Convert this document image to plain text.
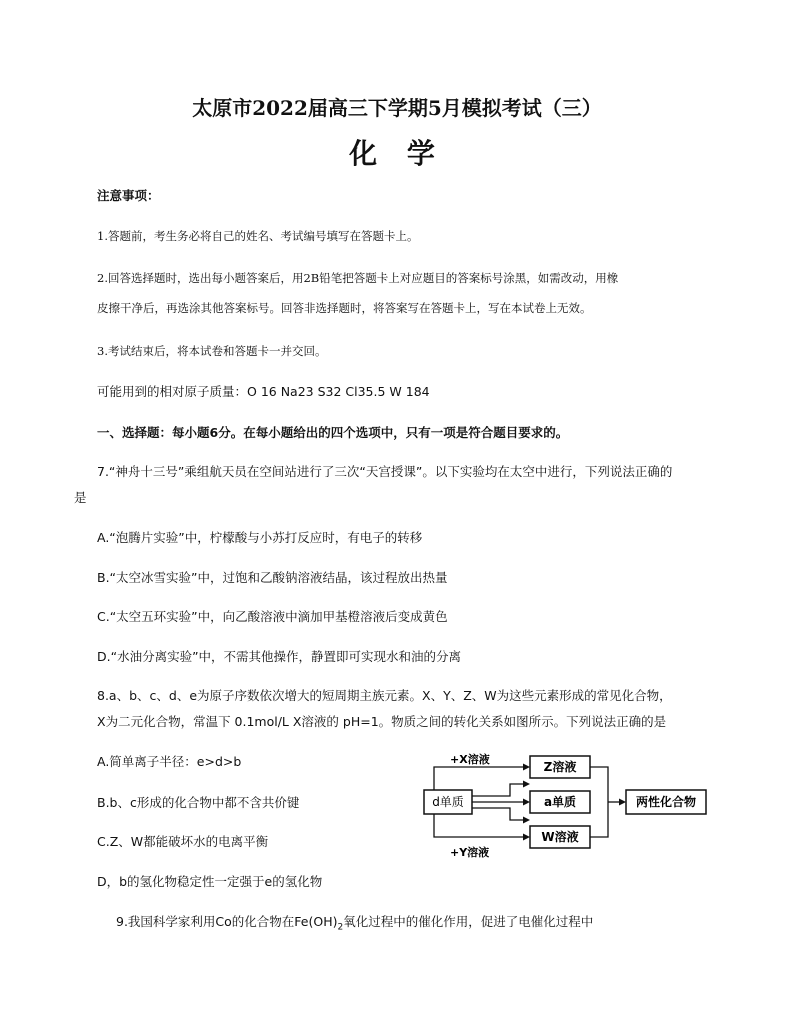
太原市2022届高三下学期5月模拟考试（三）
化 学
注意事项：
1.答题前，考生务必将自己的姓名、考试编号填写在答题卡上。
2.回答选择题时，选出每小题答案后，用2B铅笔把答题卡上对应题目的答案标号涂黑，如需改动，用橡
皮擦干净后，再选涂其他答案标号。回答非选择题时，将答案写在答题卡上，写在本试卷上无效。
3.考试结束后，将本试卷和答题卡一并交回。
可能用到的相对原子质量：O 16 Na23 S32 Cl35.5 W 184
一、选择题：每小题6分。在每小题给出的四个选项中，只有一项是符合题目要求的。
7.“神舟十三号”乘组航天员在空间站进行了三次“天宫授课”。以下实验均在太空中进行，下列说法正确的
是
A.“泡腾片实验”中，柠檬酸与小苏打反应时，有电子的转移
B.“太空冰雪实验”中，过饱和乙酸钠溶液结晶，该过程放出热量
C.“太空五环实验”中，向乙酸溶液中滴加甲基橙溶液后变成黄色
D.“水油分离实验”中，不需其他操作，静置即可实现水和油的分离
8.a、b、c、d、e为原子序数依次增大的短周期主族元素。X、Y、Z、W为这些元素形成的常见化合物，
X为二元化合物，常温下 0.1mol/L X溶液的 pH=1。物质之间的转化关系如图所示。下列说法正确的是
A.简单离子半径：e>d>b
B.b、c形成的化合物中都不含共价键
C.Z、W都能破坏水的电离平衡
D，b的氢化物稳定性一定强于e的氢化物
d单质
Z溶液
a单质
W溶液
两性化合物
+X溶液
+Y溶液
9.我国科学家利用Co的化合物在$Fe(OH)_2$氧化过程中的催化作用，促进了电催化过程中
